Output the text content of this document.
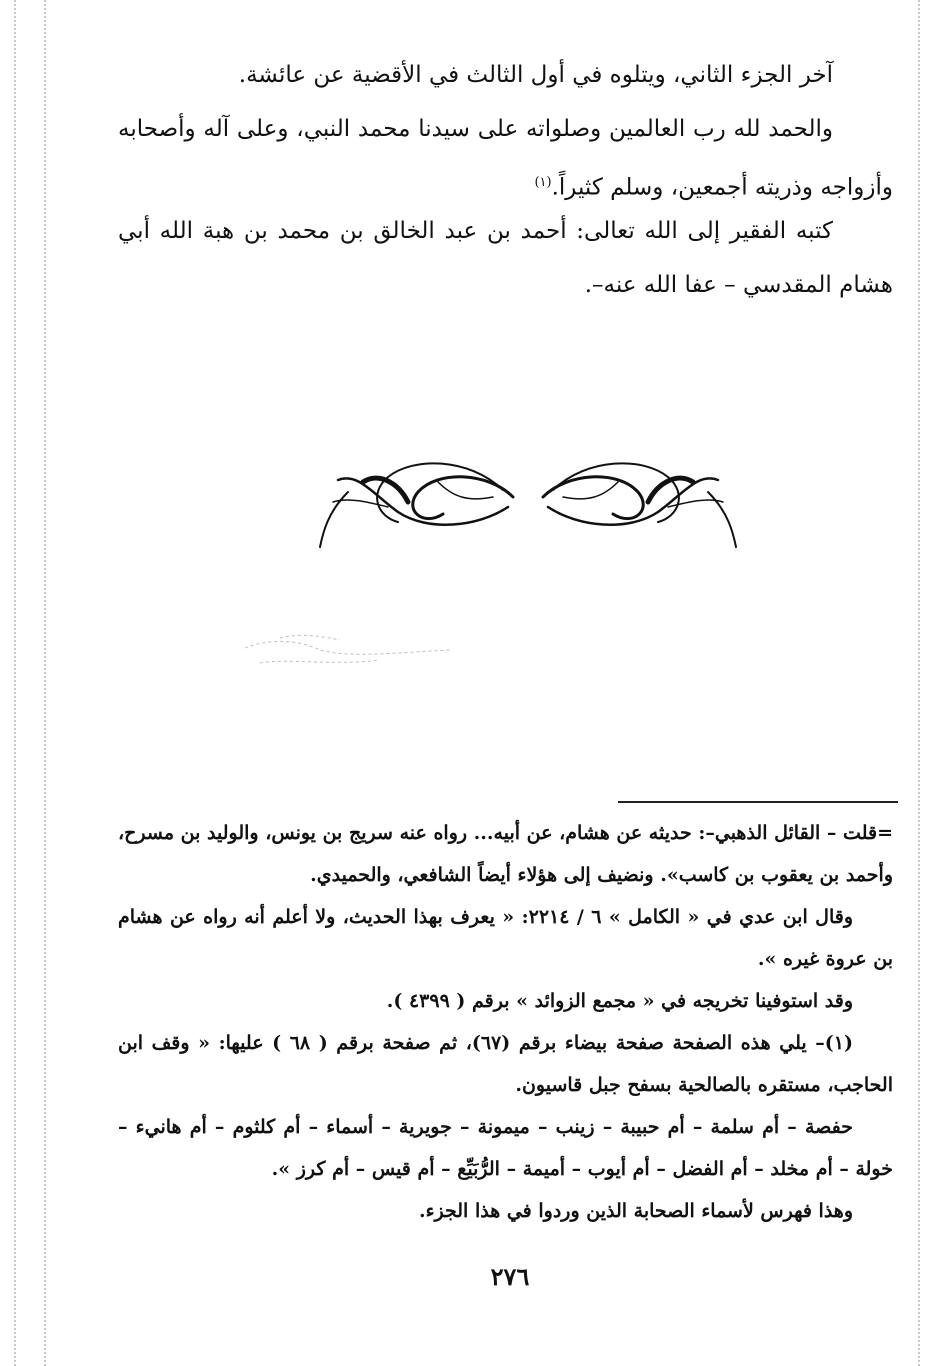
آخر الجزء الثاني، ويتلوه في أول الثالث في الأقضية عن عائشة.

والحمد لله رب العالمين وصلواته على سيدنا محمد النبي، وعلى آله وأصحابه وأزواجه وذريته أجمعين، وسلم كثيراً.$^{(١)}$

كتبه الفقير إلى الله تعالى: أحمد بن عبد الخالق بن محمد بن هبة الله أبي هشام المقدسي – عفا الله عنه–.

=قلت – القائل الذهبي–: حديثه عن هشام، عن أبيه... رواه عنه سريج بن يونس، والوليد بن مسرح، وأحمد بن يعقوب بن كاسب». ونضيف إلى هؤلاء أيضاً الشافعي، والحميدي.

وقال ابن عدي في « الكامل » ٦ / ٢٢١٤: « يعرف بهذا الحديث، ولا أعلم أنه رواه عن هشام بن عروة غيره ».

وقد استوفينا تخريجه في « مجمع الزوائد » برقم ( ٤٣٩٩ ).

(١)– يلي هذه الصفحة صفحة بيضاء برقم (٦٧)، ثم صفحة برقم ( ٦٨ ) عليها: « وقف ابن الحاجب، مستقره بالصالحية بسفح جبل قاسيون.

حفصة – أم سلمة – أم حبيبة – زينب – ميمونة – جويرية – أسماء – أم كلثوم – أم هانيء – خولة – أم مخلد – أم الفضل – أم أيوب – أميمة – الرُّبَيِّع – أم قيس – أم كرز ».

وهذا فهرس لأسماء الصحابة الذين وردوا في هذا الجزء.

٢٧٦
